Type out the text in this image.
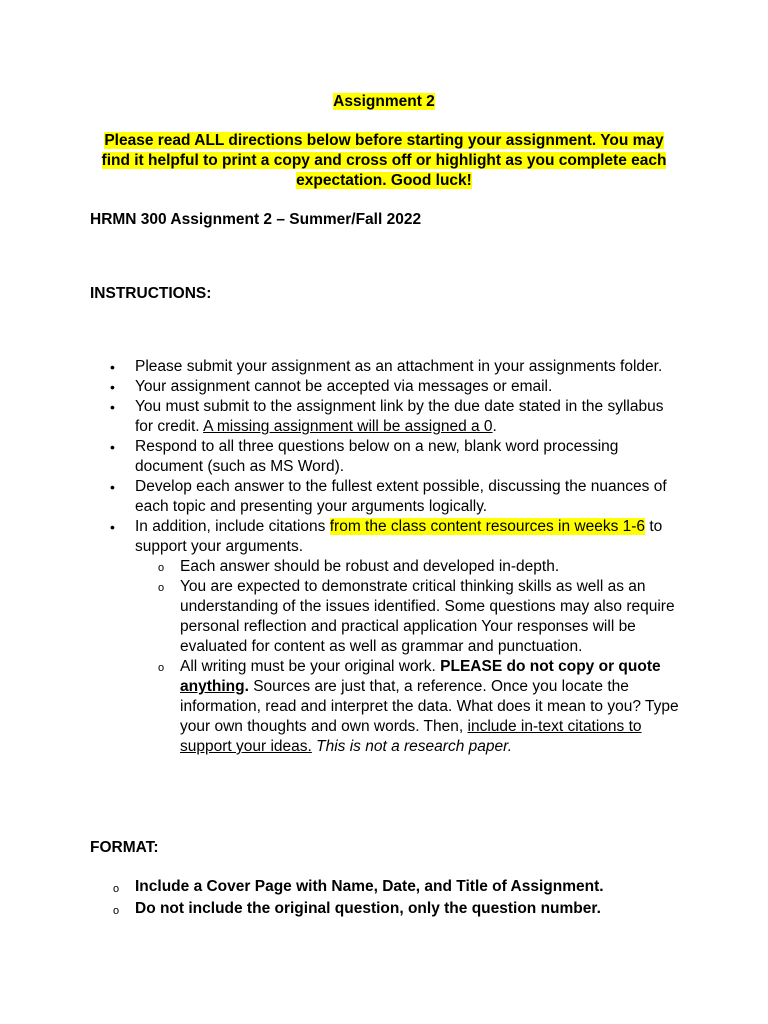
Assignment 2
Please read ALL directions below before starting your assignment. You may find it helpful to print a copy and cross off or highlight as you complete each expectation. Good luck!
HRMN 300 Assignment 2 – Summer/Fall 2022
INSTRUCTIONS:
• Please submit your assignment as an attachment in your assignments folder.
• Your assignment cannot be accepted via messages or email.
• You must submit to the assignment link by the due date stated in the syllabus for credit. A missing assignment will be assigned a 0.
• Respond to all three questions below on a new, blank word processing document (such as MS Word).
• Develop each answer to the fullest extent possible, discussing the nuances of each topic and presenting your arguments logically.
• In addition, include citations from the class content resources in weeks 1-6 to support your arguments.
o Each answer should be robust and developed in-depth.
o You are expected to demonstrate critical thinking skills as well as an understanding of the issues identified. Some questions may also require personal reflection and practical application Your responses will be evaluated for content as well as grammar and punctuation.
o All writing must be your original work. PLEASE do not copy or quote anything. Sources are just that, a reference. Once you locate the information, read and interpret the data. What does it mean to you? Type your own thoughts and own words. Then, include in-text citations to support your ideas. This is not a research paper.
FORMAT:
o Include a Cover Page with Name, Date, and Title of Assignment.
o Do not include the original question, only the question number.
